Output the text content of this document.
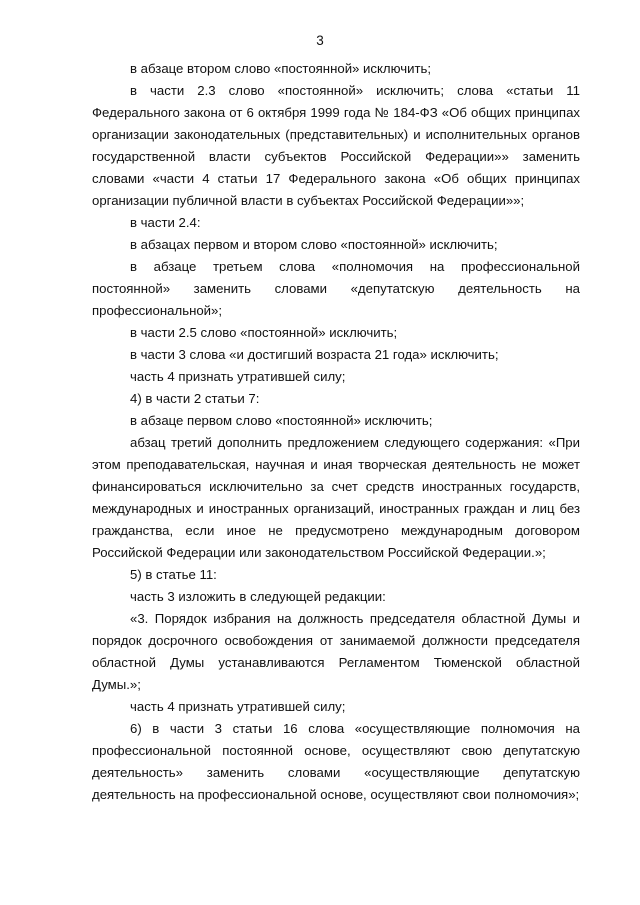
3

в абзаце втором слово «постоянной» исключить;

в части 2.3 слово «постоянной» исключить; слова «статьи 11 Федерального закона от 6 октября 1999 года № 184-ФЗ «Об общих принципах организации законодательных (представительных) и исполнительных органов государственной власти субъектов Российской Федерации»» заменить словами «части 4 статьи 17 Федерального закона «Об общих принципах организации публичной власти в субъектах Российской Федерации»»;

в части 2.4:

в абзацах первом и втором слово «постоянной» исключить;

в абзаце третьем слова «полномочия на профессиональной постоянной» заменить словами «депутатскую деятельность на профессиональной»;

в части 2.5 слово «постоянной» исключить;

в части 3 слова «и достигший возраста 21 года» исключить;

часть 4 признать утратившей силу;

4) в части 2 статьи 7:

в абзаце первом слово «постоянной» исключить;

абзац третий дополнить предложением следующего содержания: «При этом преподавательская, научная и иная творческая деятельность не может финансироваться исключительно за счет средств иностранных государств, международных и иностранных организаций, иностранных граждан и лиц без гражданства, если иное не предусмотрено международным договором Российской Федерации или законодательством Российской Федерации.»;

5) в статье 11:

часть 3 изложить в следующей редакции:

«3. Порядок избрания на должность председателя областной Думы и порядок досрочного освобождения от занимаемой должности председателя областной Думы устанавливаются Регламентом Тюменской областной Думы.»;

часть 4 признать утратившей силу;

6) в части 3 статьи 16 слова «осуществляющие полномочия на профессиональной постоянной основе, осуществляют свою депутатскую деятельность» заменить словами «осуществляющие депутатскую деятельность на профессиональной основе, осуществляют свои полномочия»;
